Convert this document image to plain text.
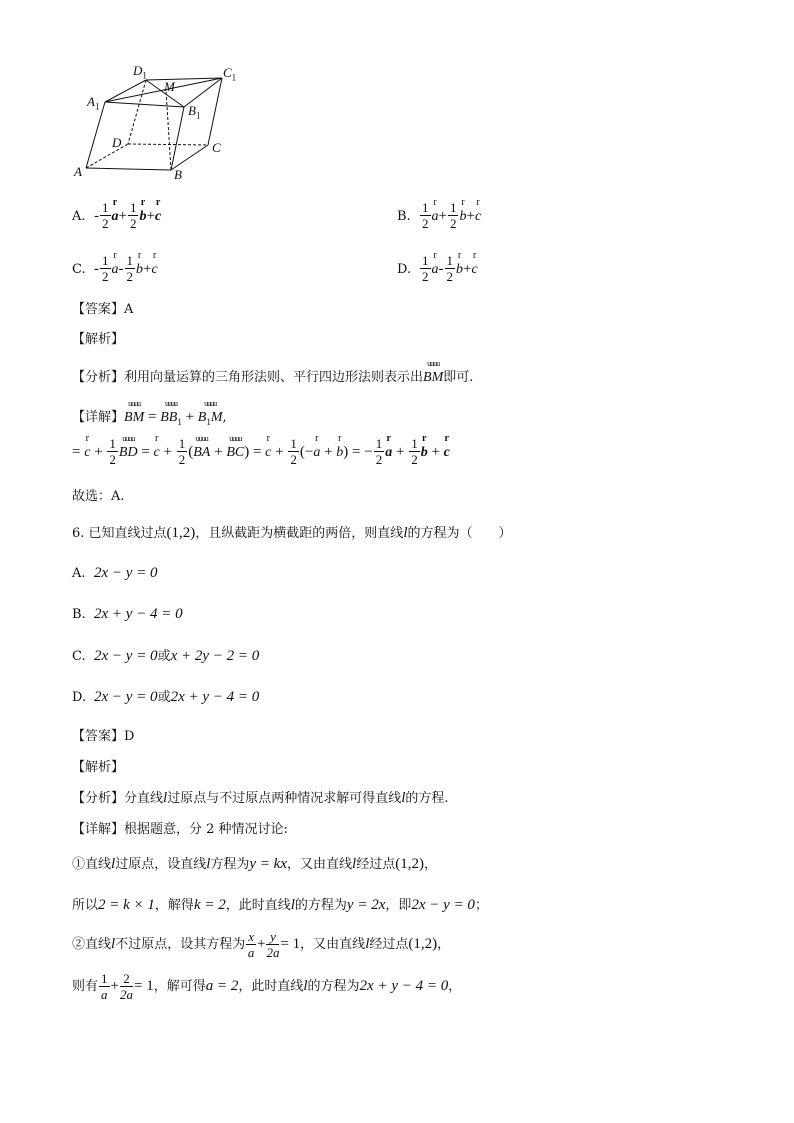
$D_1$	$C_1$
M
$A_1$	$B_1$
D	C
A	B
A. - $\frac{1}{2}$ r $a+ \frac{1}{2}$ r b+r c	B. $\frac{1}{2}$ r $a+ \frac{1}{2}$ r b+r c
C. - $\frac{1}{2}$ r $a- \frac{1}{2}$ r b+r c	D. $\frac{1}{2}$ r $a- \frac{1}{2}$ r b+r c
【答案】A
【解析】
【分析】利用向量运算的三角形法则、平行四边形法则表示出uuuu BM即可.
【详解】uuuu BM = uuuu $BB_1$ + uuuu $B_1M$,
= r $c + \frac{1}{2}$ uuuu BD = r $c + \frac{1}{2}$ (uuuu BA + uuuu BC) = r $c + \frac{1}{2} (-r$ a + r b) = − $\frac{1}{2}$ r $a + \frac{1}{2}$ r b + r c
故选：A.
6. 已知直线过点(1,2)，且纵截距为横截距的两倍，则直线l的方程为（　　）
A. 2x − y = 0
B. 2x + y − 4 = 0
C. 2x − y = 0或x + 2y − 2 = 0
D. 2x − y = 0或2x + y − 4 = 0
【答案】D
【解析】
【分析】分直线l过原点与不过原点两种情况求解可得直线l的方程.
【详解】根据题意，分 2 种情况讨论:
①直线l过原点，设直线l方程为y = kx，又由直线l经过点(1,2)，
所以2 = k × 1，解得k = 2，此时直线l的方程为y = 2x，即2x − y = 0；
②直线l不过原点，设其方程为 $\frac{x}{a} + \frac{y}{2a} = 1$，又由直线l经过点(1,2)，
则有 $\frac{1}{a} + \frac{2}{2a} = 1$，解可得a = 2，此时直线l的方程为2x + y − 4 = 0，
